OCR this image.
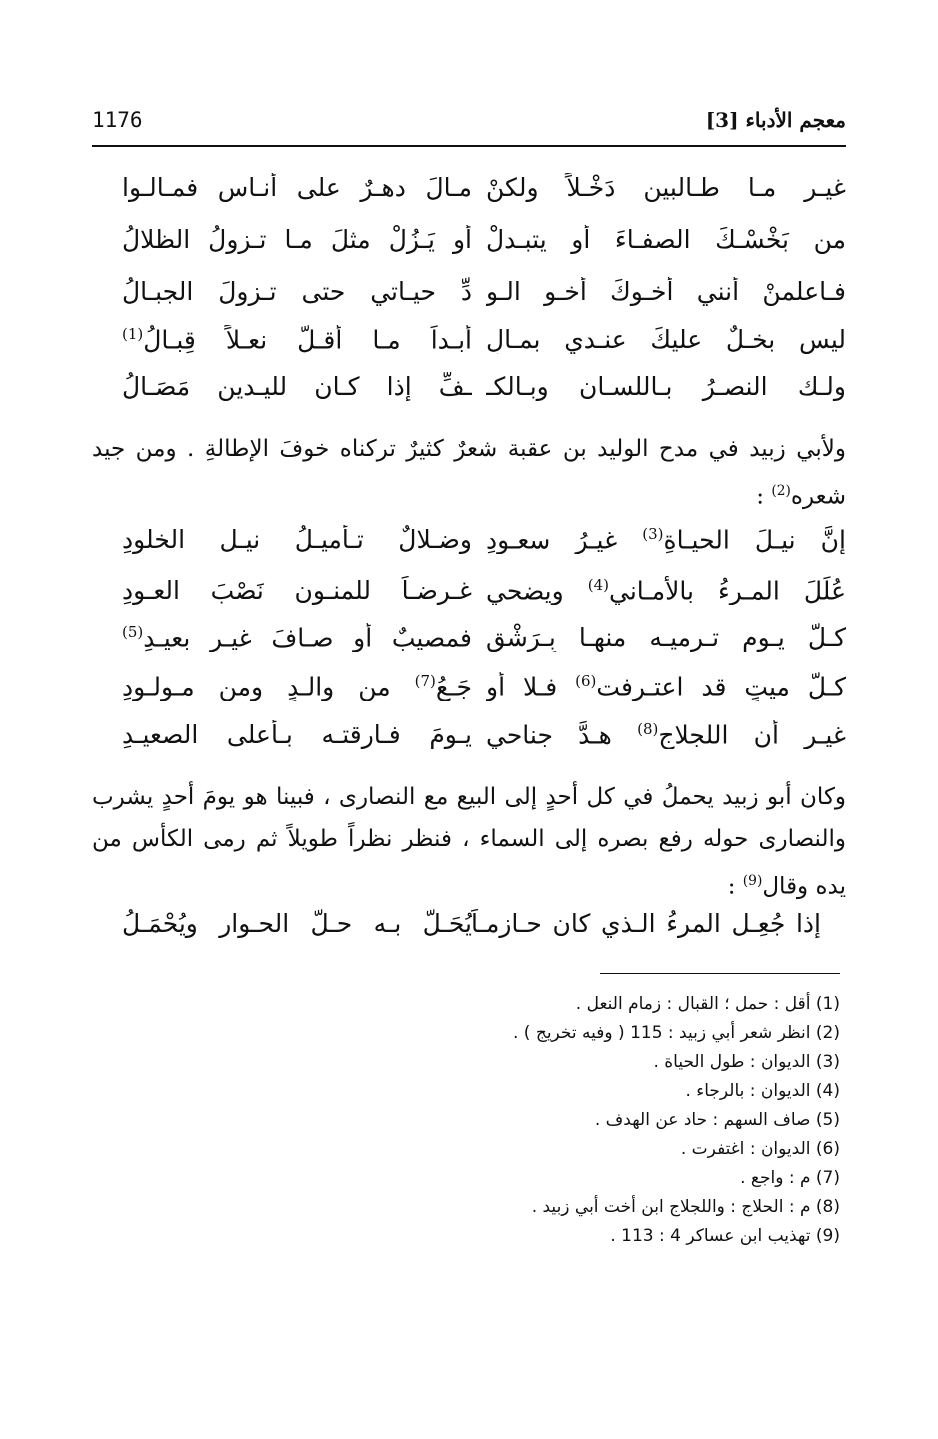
معجم الأدباء [3]
1176
غيـر مـا طـالبين دَخْـلاً ولكنْ
مـالَ دهـرٌ على أنـاسٍ فمـالـوا
من بَخْسْـكَ الصفـاءَ أو يتبـدلْ
أو يَـزُلْ مثلَ مـا تـزولُ الظلالُ
فـاعلمنْ أنني أخـوكَ أخـو الـو
دِّ حيـاتي حتى تـزولَ الجبـالُ
ليس بخـلٌ عليكَ عنـدي بمـالٍ
أبـداً مـا أقـلَّ نعـلاً قِبـالُ$^{(1)}$
ولـك النصـرُ بـاللسـانِ وبـالكـ
ـفِّ إذا كـان لليـدين مَصَـالُ
ولأبي زبيد في مدح الوليد بن عقبة شعرٌ كثيرٌ تركناه خوفَ الإطالةِ . ومن جيد شعره$^{(2)}$ :
إنَّ نيـلَ الحيـاةِ$^{(3)}$ غيـرُ سعـودِ
وضـلالٌ تـأميـلُ نيـلِ الخلودِ
عُلِّلَ المـرءُ بالأمـاني$^{(4)}$ ويضحي
غـرضـاً للمنـون نَصْبَ العـودِ
كـلَّ يـومٍ تـرميـه منهـا بِـرَشْقٍ
فمصيبٌ أو صـافَ غيـر بعيـدِ$^{(5)}$
كـلَّ ميتٍ قد اعتـرفت$^{(6)}$ فـلا أو
جَـعُ$^{(7)}$ من والـدٍ ومن مـولـودِ
غيـر أن اللجلاج$^{(8)}$ هـدَّ جناحي
يـومَ فـارقتـه بـأعلى الصعيـدِ
وكان أبو زبيد يحملُ في كل أحدٍ إلى البيع مع النصارى ، فبينا هو يومَ أحدٍ يشرب والنصارى حوله رفع بصره إلى السماء ، فنظر نظراً طويلاً ثم رمى الكأس من يده وقال$^{(9)}$ :
إذا جُعِـل المرءُ الـذي كان حـازمـاً
يُحَـلُّ بـه حـلَّ الحـوارِ ويُحْمَـلُ
(1) أقل : حمل ؛ القبال : زمام النعل .
(2) انظر شعر أبي زبيد : 115 ( وفيه تخريج ) .
(3) الديوان : طول الحياة .
(4) الديوان : بالرجاء .
(5) صاف السهم : حاد عن الهدف .
(6) الديوان : اغتفرت .
(7) م : واجع .
(8) م : الحلاج : واللجلاج ابن أخت أبي زبيد .
(9) تهذيب ابن عساكر 4 : 113 .
